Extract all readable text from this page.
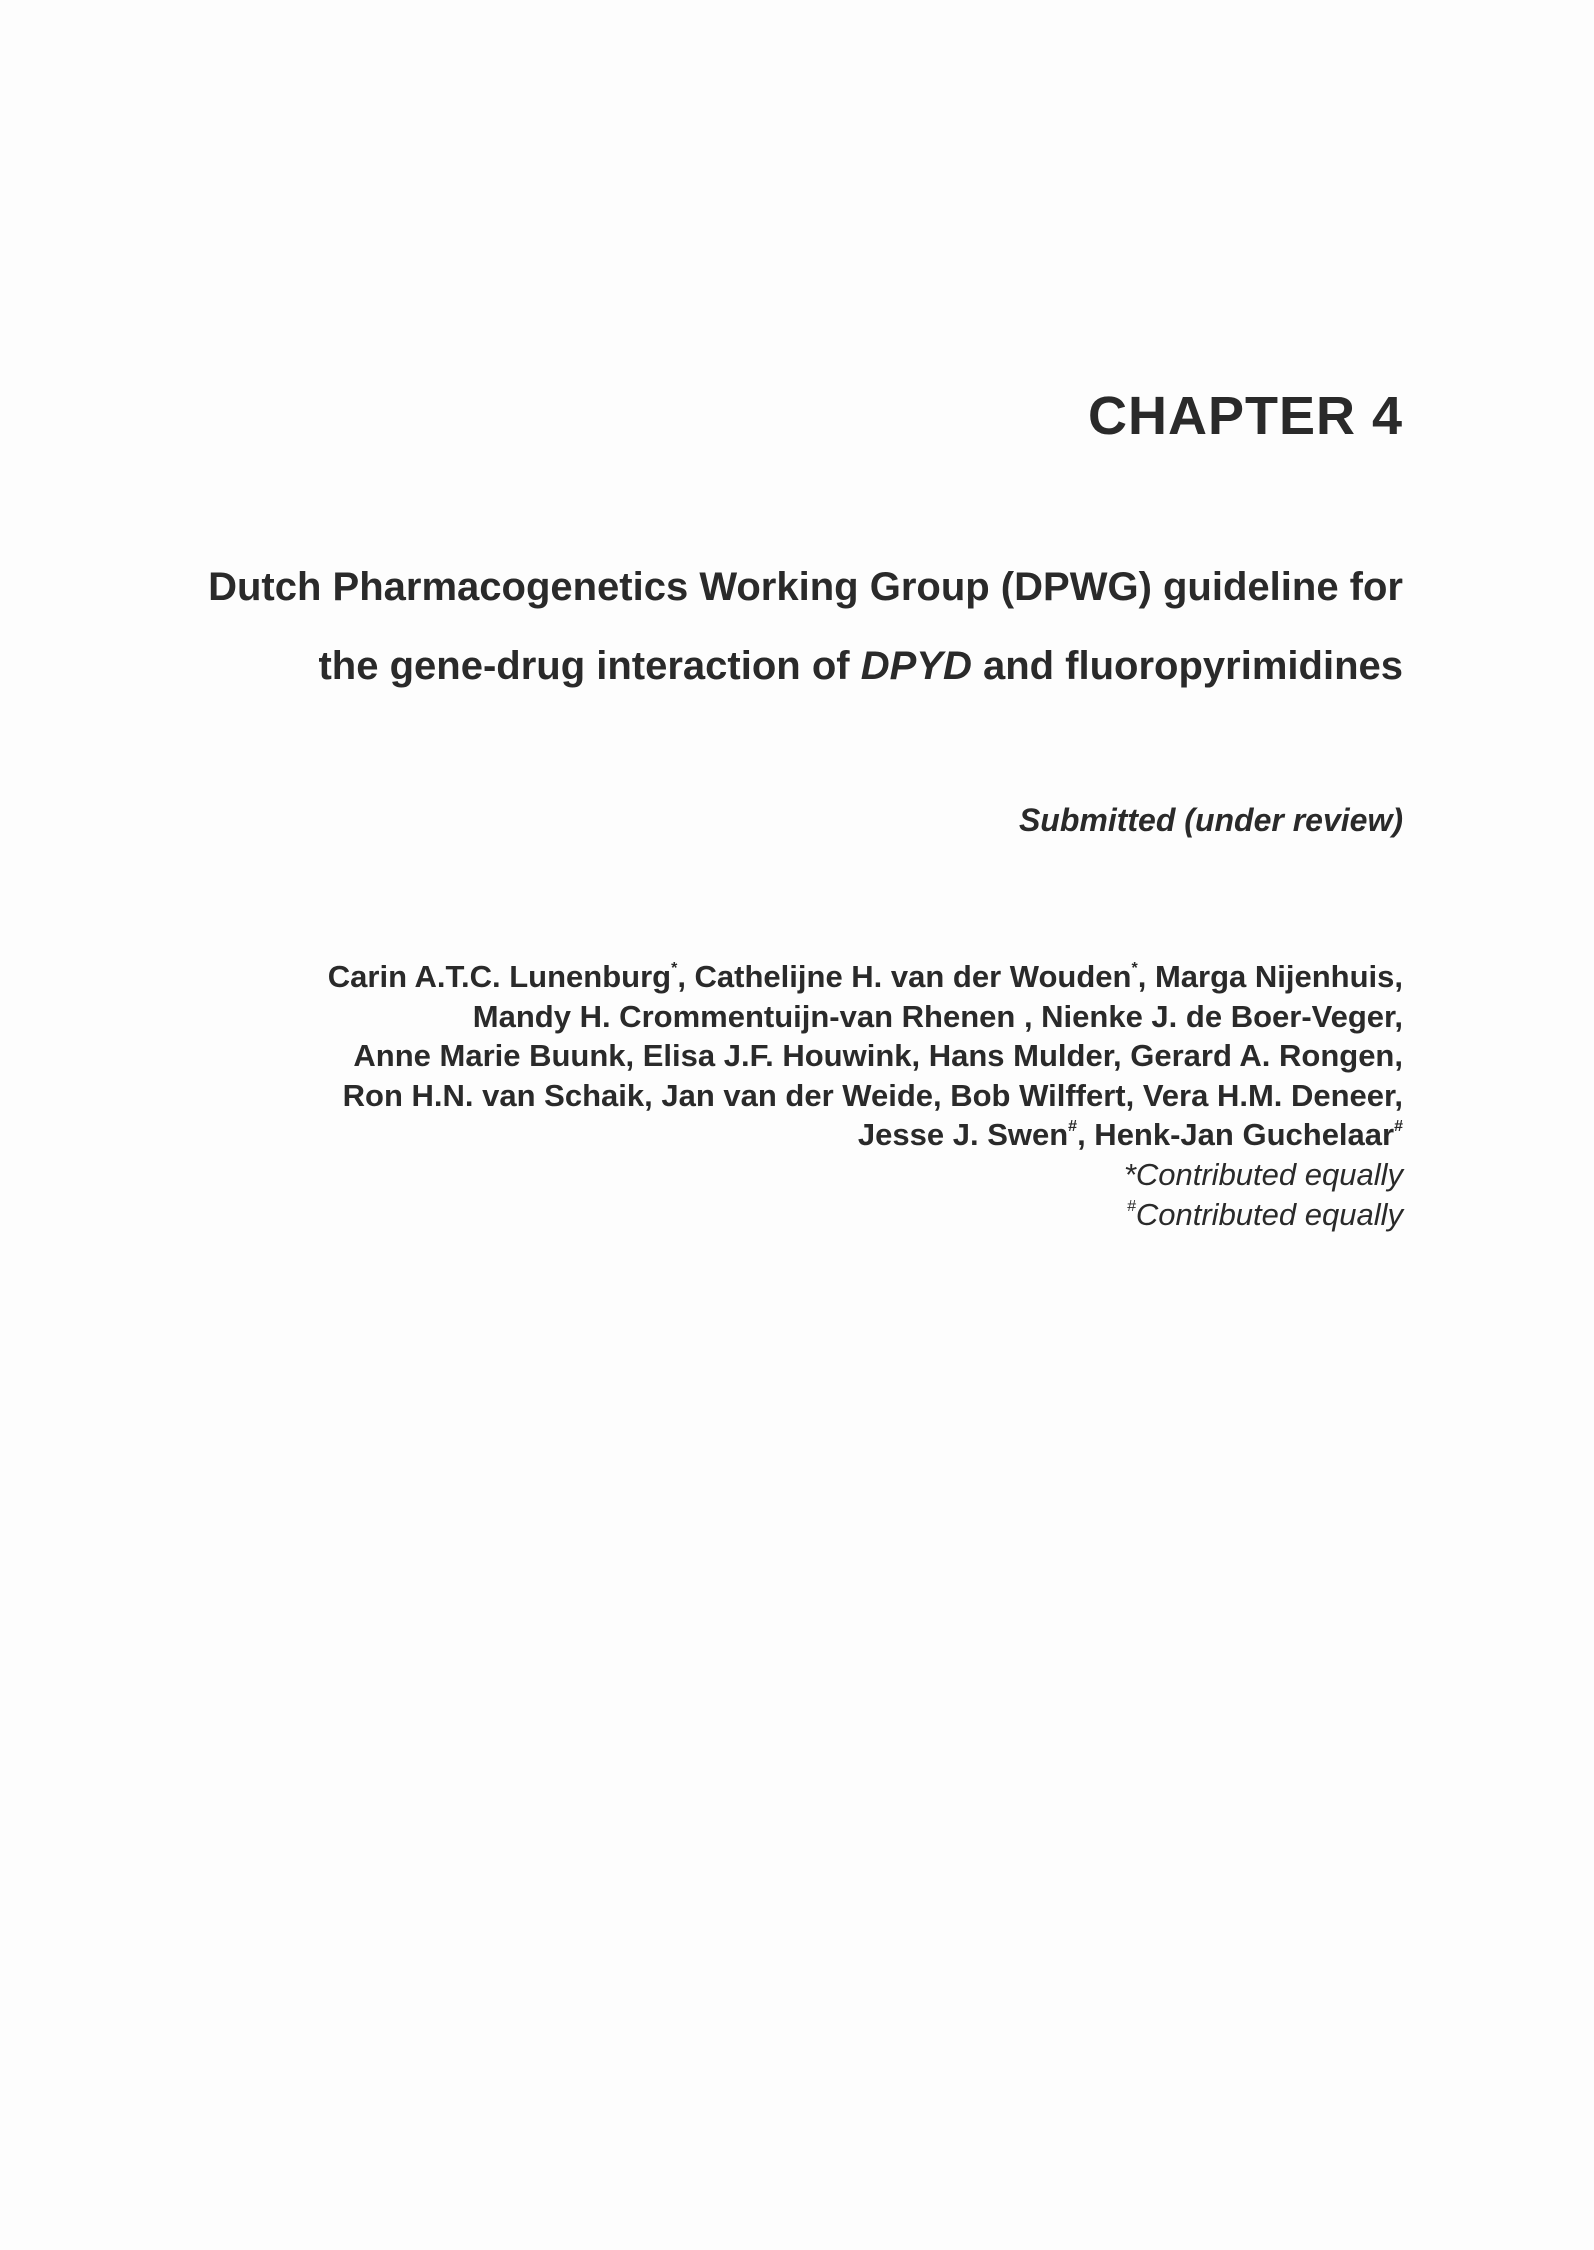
CHAPTER 4
Dutch Pharmacogenetics Working Group (DPWG) guideline for
the gene-drug interaction of DPYD and fluoropyrimidines
Submitted (under review)
Carin A.T.C. Lunenburg*, Cathelijne H. van der Wouden*, Marga Nijenhuis,
Mandy H. Crommentuijn-van Rhenen , Nienke J. de Boer-Veger,
Anne Marie Buunk, Elisa J.F. Houwink, Hans Mulder, Gerard A. Rongen,
Ron H.N. van Schaik, Jan van der Weide, Bob Wilffert, Vera H.M. Deneer,
Jesse J. Swen#, Henk-Jan Guchelaar#
*Contributed equally
#Contributed equally
